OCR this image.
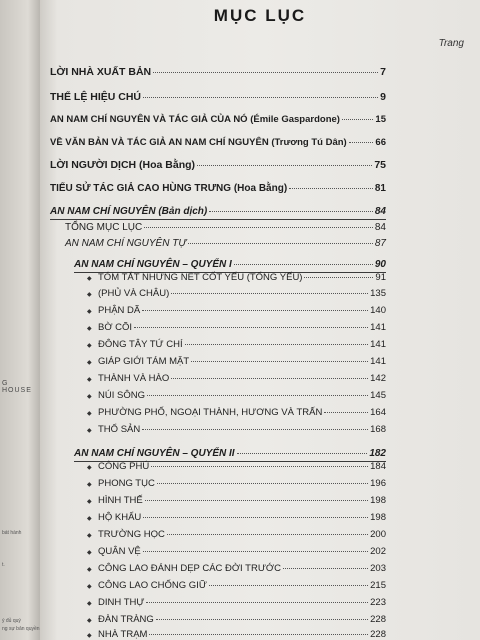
G HOUSE
bát hành
t.
ý đủ quý
ng sự bản quyền
MỤC LỤC
Trang
LỜI NHÀ XUẤT BẢN	7
THỂ LỆ HIỆU CHÚ	9
AN NAM CHÍ NGUYÊN VÀ TÁC GIẢ CỦA NÓ (Émile Gaspardone)	15
VỀ VĂN BẢN VÀ TÁC GIẢ AN NAM CHÍ NGUYÊN (Trương Tú Dân)	66
LỜI NGƯỜI DỊCH (Hoa Bằng)	75
TIỂU SỬ TÁC GIẢ CAO HÙNG TRƯNG (Hoa Bằng)	81
AN NAM CHÍ NGUYÊN (Bản dịch)	84
TỔNG MỤC LỤC	84
AN NAM CHÍ NGUYÊN TỰ	87
AN NAM CHÍ NGUYÊN – QUYỂN I	90
◆ TÓM TẮT NHỮNG NÉT CỐT YẾU (TỔNG YẾU)	91
◆ (PHỦ VÀ CHÂU)	135
◆ PHẬN DÃ	140
◆ BỜ CÕI	141
◆ ĐÔNG TÂY TỨ CHÍ	141
◆ GIÁP GIỚI TÁM MẶT	141
◆ THÀNH VÀ HÀO	142
◆ NÚI SÔNG	145
◆ PHƯỜNG PHỐ, NGOẠI THÀNH, HƯƠNG VÀ TRẤN	164
◆ THỔ SẢN	168
AN NAM CHÍ NGUYÊN – QUYỂN II	182
◆ CÔNG PHÚ	184
◆ PHONG TỤC	196
◆ HÌNH THẾ	198
◆ HỘ KHẨU	198
◆ TRƯỜNG HỌC	200
◆ QUÂN VỆ	202
◆ CÔNG LAO ĐÁNH DẸP CÁC ĐỜI TRƯỚC	203
◆ CÔNG LAO CHỐNG GIỮ	215
◆ DINH THỰ	223
◆ ĐÀN TRÀNG	228
◆ NHÀ TRẠM	228
